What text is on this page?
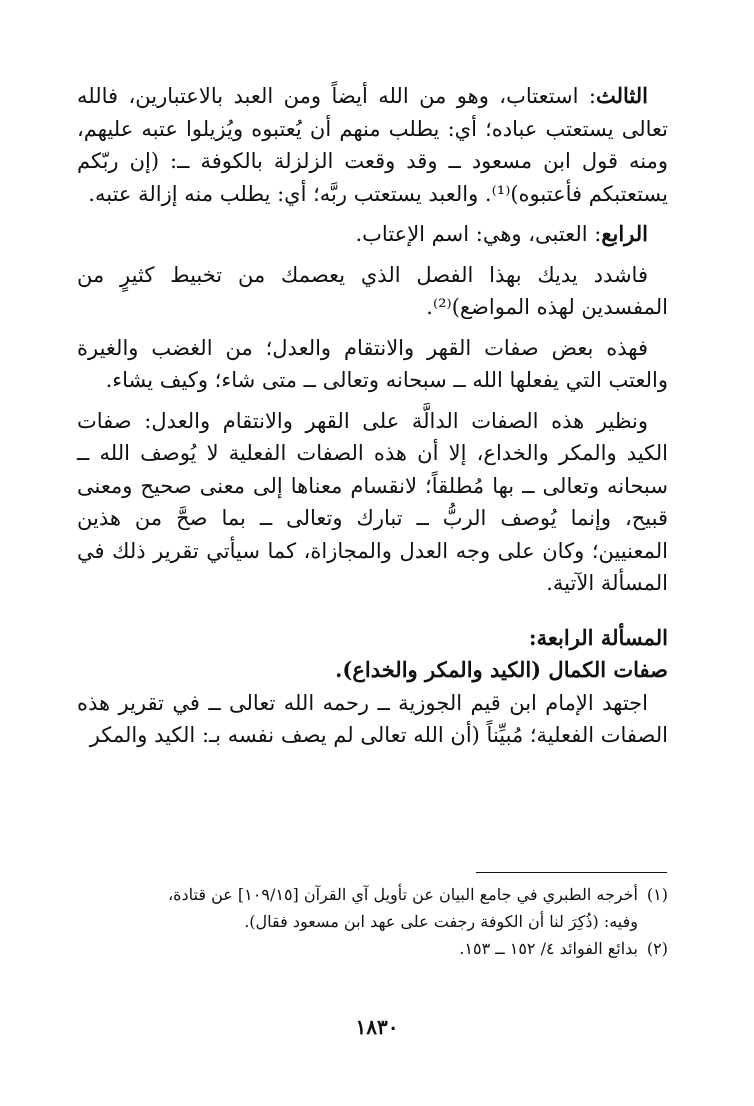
الثالث: استعتاب، وهو من الله أيضاً ومن العبد بالاعتبارين، فالله تعالى يستعتب عباده؛ أي: يطلب منهم أن يُعتبوه ويُزيلوا عتبه عليهم، ومنه قول ابن مسعود ــ وقد وقعت الزلزلة بالكوفة ــ: (إن ربّكم يستعتبكم فأعتبوه)⁽¹⁾. والعبد يستعتب ربَّه؛ أي: يطلب منه إزالة عتبه.

الرابع: العتبى، وهي: اسم الإعتاب.

فاشدد يديك بهذا الفصل الذي يعصمك من تخبيط كثيرٍ من المفسدين لهذه المواضع)⁽²⁾.

فهذه بعض صفات القهر والانتقام والعدل؛ من الغضب والغيرة والعتب التي يفعلها الله ــ سبحانه وتعالى ــ متى شاء؛ وكيف يشاء.

ونظير هذه الصفات الدالَّة على القهر والانتقام والعدل: صفات الكيد والمكر والخداع، إلا أن هذه الصفات الفعلية لا يُوصف الله ــ سبحانه وتعالى ــ بها مُطلقاً؛ لانقسام معناها إلى معنى صحيح ومعنى قبيح، وإنما يُوصف الربُّ ــ تبارك وتعالى ــ بما صحَّ من هذين المعنيين؛ وكان على وجه العدل والمجازاة، كما سيأتي تقرير ذلك في المسألة الآتية.

المسألة الرابعة:

صفات الكمال (الكيد والمكر والخداع).

اجتهد الإمام ابن قيم الجوزية ــ رحمه الله تعالى ــ في تقرير هذه الصفات الفعلية؛ مُبيِّناً (أن الله تعالى لم يصف نفسه بـ: الكيد والمكر

(١)أخرجه الطبري في جامع البيان عن تأويل آي القرآن [١٠٩/١٥] عن قتادة،

وفيه: (ذُكِرَ لنا أن الكوفة رجفت على عهد ابن مسعود فقال).

(٢)بدائع الفوائد ٤/ ١٥٢ ــ ١٥٣.

١٨٣٠
